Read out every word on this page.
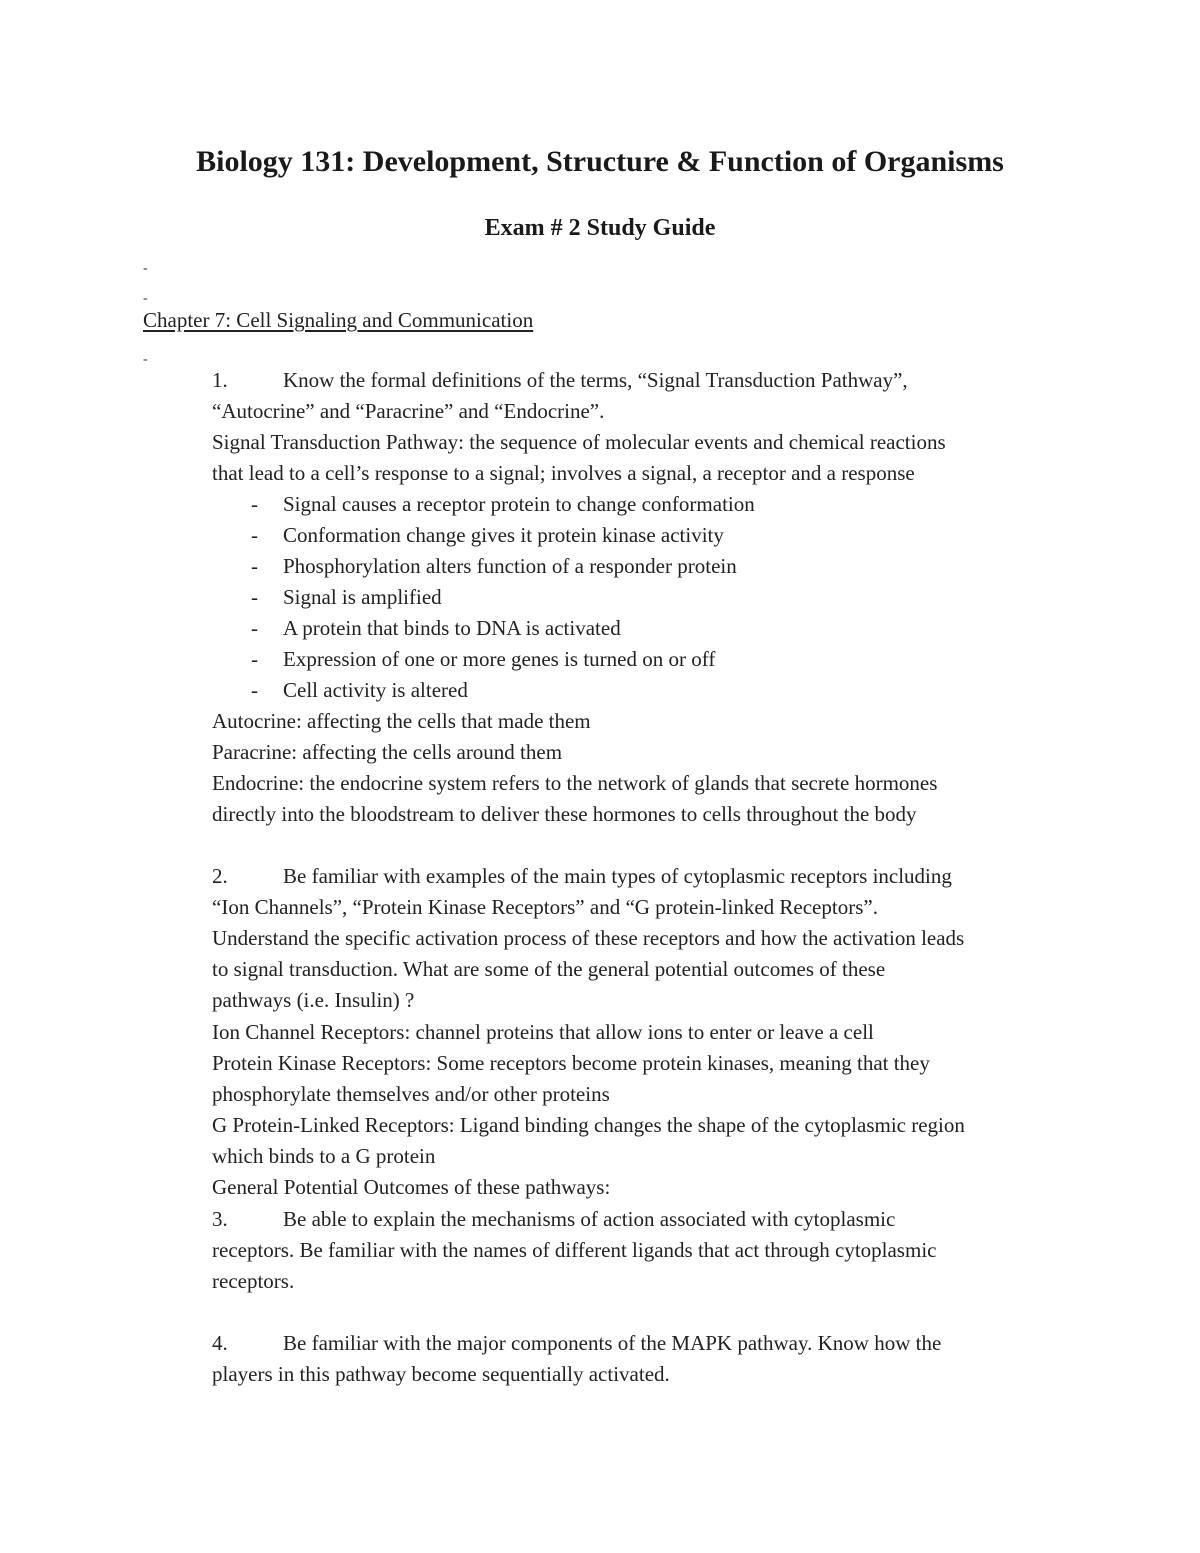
Biology 131: Development, Structure & Function of Organisms
Exam # 2 Study Guide
-
-
Chapter 7: Cell Signaling and Communication
-
1.	Know the formal definitions of the terms, “Signal Transduction Pathway”,
“Autocrine” and “Paracrine” and “Endocrine”.
Signal Transduction Pathway: the sequence of molecular events and chemical reactions
that lead to a cell’s response to a signal; involves a signal, a receptor and a response
- Signal causes a receptor protein to change conformation
- Conformation change gives it protein kinase activity
- Phosphorylation alters function of a responder protein
- Signal is amplified
- A protein that binds to DNA is activated
- Expression of one or more genes is turned on or off
- Cell activity is altered
Autocrine: affecting the cells that made them
Paracrine: affecting the cells around them
Endocrine: the endocrine system refers to the network of glands that secrete hormones
directly into the bloodstream to deliver these hormones to cells throughout the body
2.	Be familiar with examples of the main types of cytoplasmic receptors including
“Ion Channels”, “Protein Kinase Receptors” and “G protein-linked Receptors”.
Understand the specific activation process of these receptors and how the activation leads
to signal transduction. What are some of the general potential outcomes of these
pathways (i.e. Insulin) ?
Ion Channel Receptors: channel proteins that allow ions to enter or leave a cell
Protein Kinase Receptors: Some receptors become protein kinases, meaning that they
phosphorylate themselves and/or other proteins
G Protein-Linked Receptors: Ligand binding changes the shape of the cytoplasmic region
which binds to a G protein
General Potential Outcomes of these pathways:
3.	Be able to explain the mechanisms of action associated with cytoplasmic
receptors. Be familiar with the names of different ligands that act through cytoplasmic
receptors.
4.	Be familiar with the major components of the MAPK pathway. Know how the
players in this pathway become sequentially activated.
